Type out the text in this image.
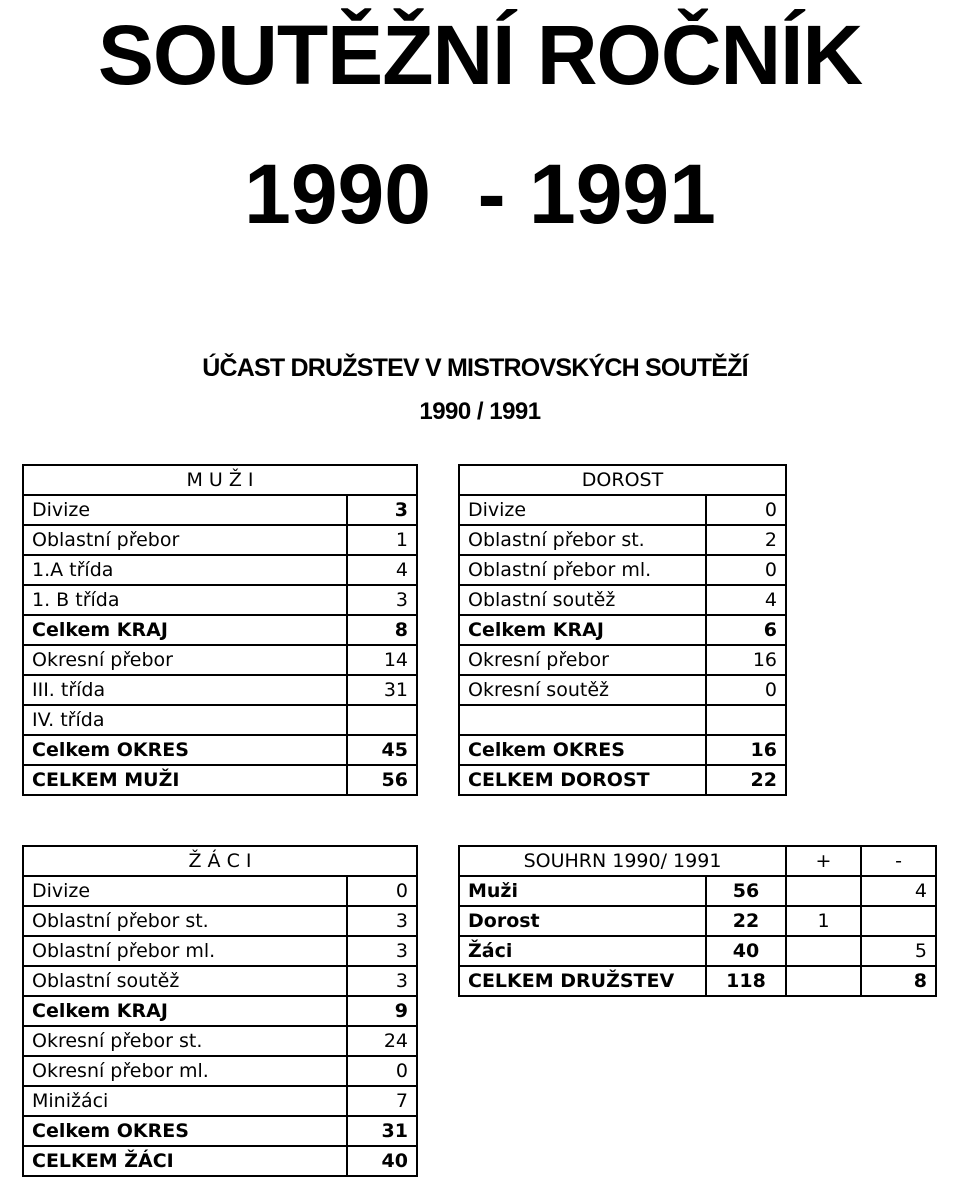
SOUTĚŽNÍ ROČNÍK
1990  - 1991
ÚČAST DRUŽSTEV V MISTROVSKÝCH SOUTĚŽÍ
1990 / 1991
M U Ž I	
Divize	3
Oblastní přebor	1
1.A třída	4
1. B třída	3
Celkem KRAJ	8
Okresní přebor	14
III. třída	31
IV. třída	
Celkem OKRES	45
CELKEM MUŽI	56
DOROST	
Divize	0
Oblastní přebor st.	2
Oblastní přebor ml.	0
Oblastní soutěž	4
Celkem KRAJ	6
Okresní přebor	16
Okresní soutěž	0

Celkem OKRES	16
CELKEM DOROST	22
Ž Á C I	
Divize	0
Oblastní přebor st.	3
Oblastní přebor ml.	3
Oblastní soutěž	3
Celkem KRAJ	9
Okresní přebor st.	24
Okresní přebor ml.	0
Minižáci	7
Celkem OKRES	31
CELKEM ŽÁCI	40
SOUHRN 1990/ 1991		+	-
Muži	56		4
Dorost	22	1	
Žáci	40		5
CELKEM DRUŽSTEV	118		8
